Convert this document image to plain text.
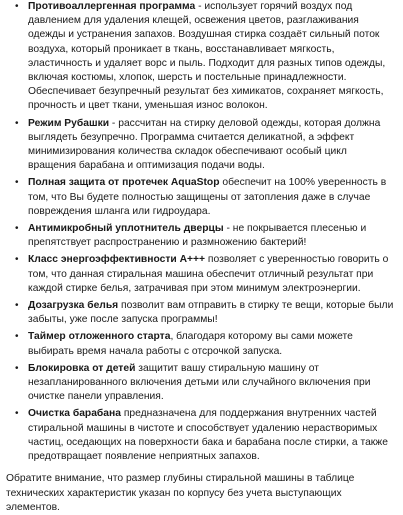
• Противоаллергенная программа - использует горячий воздух под давлением для удаления клещей, освежения цветов, разглаживания одежды и устранения запахов. Воздушная стирка создаёт сильный поток воздуха, который проникает в ткань, восстанавливает мягкость, эластичность и удаляет ворс и пыль. Подходит для разных типов одежды, включая костюмы, хлопок, шерсть и постельные принадлежности. Обеспечивает безупречный результат без химикатов, сохраняет мягкость, прочность и цвет ткани, уменьшая износ волокон.
• Режим Рубашки - рассчитан на стирку деловой одежды, которая должна выглядеть безупречно. Программа считается деликатной, а эффект минимизирования количества складок обеспечивают особый цикл вращения барабана и оптимизация подачи воды.
• Полная защита от протечек AquaStop обеспечит на 100% уверенность в том, что Вы будете полностью защищены от затопления даже в случае повреждения шланга или гидроудара.
• Антимикробный уплотнитель дверцы - не покрывается плесенью и препятствует распространению и размножению бактерий!
• Класс энергоэффективности A+++ позволяет с уверенностью говорить о том, что данная стиральная машина обеспечит отличный результат при каждой стирке белья, затрачивая при этом минимум электроэнергии.
• Дозагрузка белья позволит вам отправить в стирку те вещи, которые были забыты, уже после запуска программы!
• Таймер отложенного старта, благодаря которому вы сами можете выбирать время начала работы с отсрочкой запуска.
• Блокировка от детей защитит вашу стиральную машину от незапланированного включения детьми или случайного включения при очистке панели управления.
• Очистка барабана предназначена для поддержания внутренних частей стиральной машины в чистоте и способствует удалению нерастворимых частиц, оседающих на поверхности бака и барабана после стирки, а также предотвращает появление неприятных запахов.

Обратите внимание, что размер глубины стиральной машины в таблице технических характеристик указан по корпусу без учета выступающих элементов.
